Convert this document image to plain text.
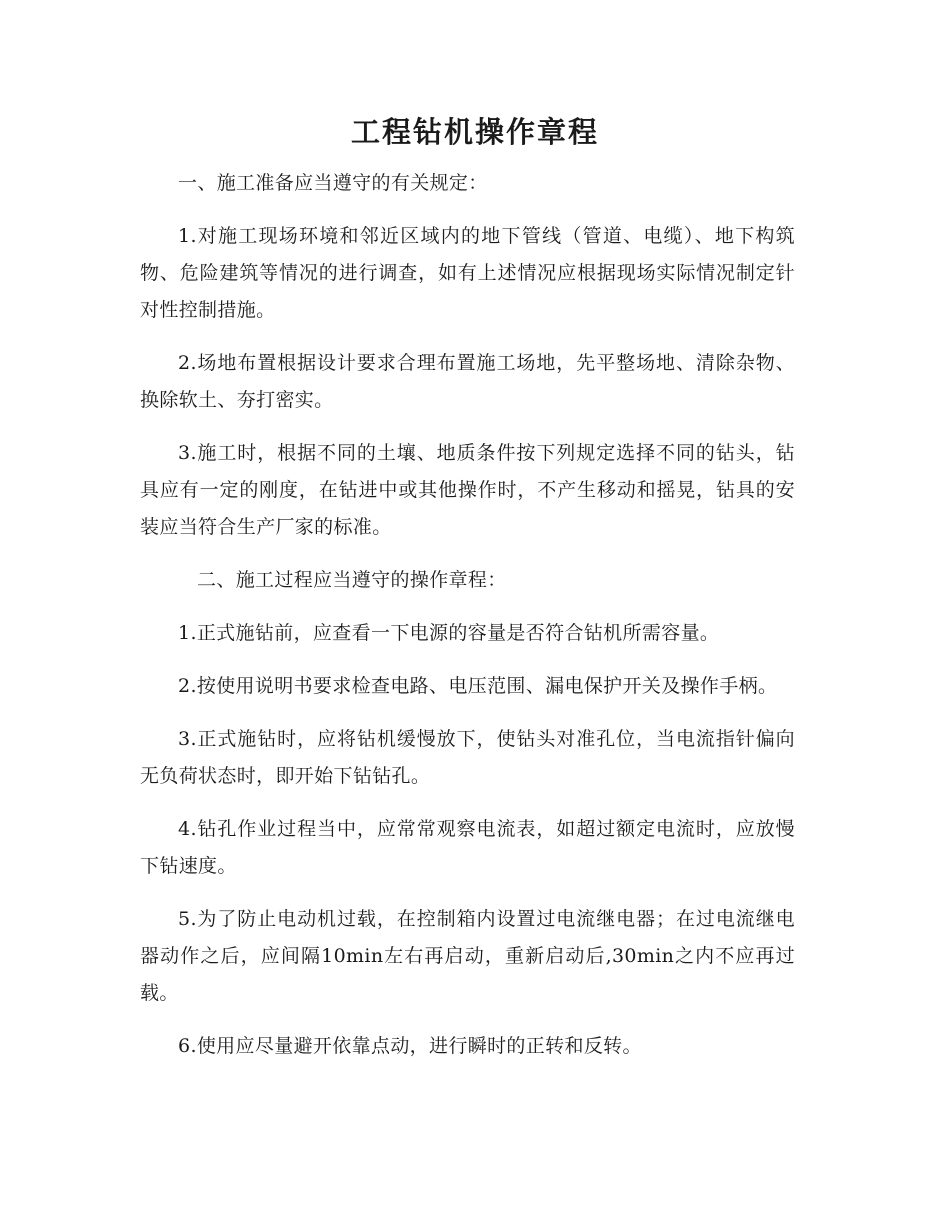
工程钻机操作章程

一、施工准备应当遵守的有关规定：

1.对施工现场环境和邻近区域内的地下管线（管道、电缆）、地下构筑物、危险建筑等情况的进行调查，如有上述情况应根据现场实际情况制定针对性控制措施。

2.场地布置根据设计要求合理布置施工场地，先平整场地、清除杂物、换除软土、夯打密实。

3.施工时，根据不同的土壤、地质条件按下列规定选择不同的钻头，钻具应有一定的刚度，在钻进中或其他操作时，不产生移动和摇晃，钻具的安装应当符合生产厂家的标准。

二、施工过程应当遵守的操作章程：

1.正式施钻前，应查看一下电源的容量是否符合钻机所需容量。

2.按使用说明书要求检查电路、电压范围、漏电保护开关及操作手柄。

3.正式施钻时，应将钻机缓慢放下，使钻头对准孔位，当电流指针偏向无负荷状态时，即开始下钻钻孔。

4.钻孔作业过程当中，应常常观察电流表，如超过额定电流时，应放慢下钻速度。

5.为了防止电动机过载，在控制箱内设置过电流继电器；在过电流继电器动作之后，应间隔10min左右再启动，重新启动后,30min之内不应再过载。

6.使用应尽量避开依靠点动，进行瞬时的正转和反转。
